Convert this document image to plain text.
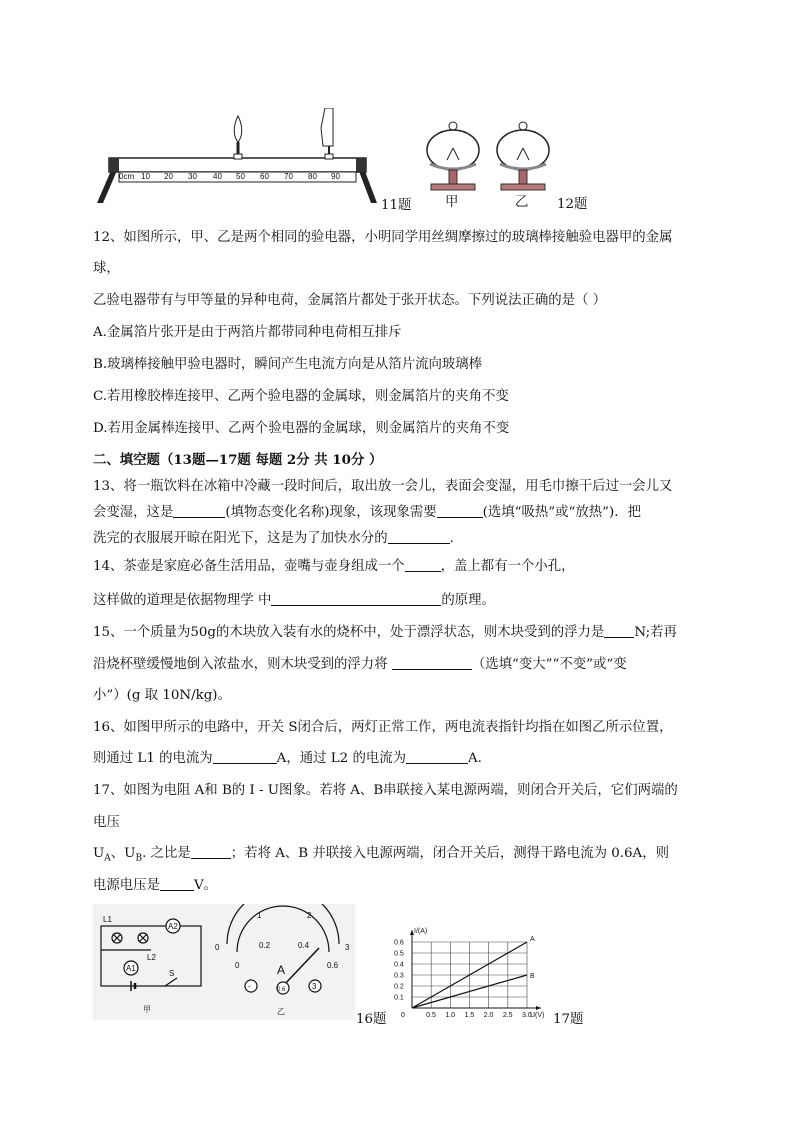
0cm 10 20 30 40 50 60 70 80 90
11题	甲	乙 12题
12、如图所示，甲、乙是两个相同的验电器，小明同学用丝绸摩擦过的玻璃棒接触验电器甲的金属
球，
乙验电器带有与甲等量的异种电荷，金属箔片都处于张开状态。下列说法正确的是（ ）
A.金属箔片张开是由于两箔片都带同种电荷相互排斥
B.玻璃棒接触甲验电器时，瞬间产生电流方向是从箔片流向玻璃棒
C.若用橡胶棒连接甲、乙两个验电器的金属球，则金属箔片的夹角不变
D.若用金属棒连接甲、乙两个验电器的金属球，则金属箔片的夹角不变
二、填空题（13题—17题 每题 2分 共 10分 ）
13、将一瓶饮料在冰箱中冷藏一段时间后，取出放一会儿，表面会变湿，用毛巾擦干后过一会儿又
会变湿，这是	(填物态变化名称)现象，该现象需要	(选填“吸热”或“放热”)．把
洗完的衣服展开晾在阳光下，这是为了加快水分的	.
14、茶壶是家庭必备生活用品，壶嘴与壶身组成一个	，盖上都有一个小孔，
这样做的道理是依据物理学 中	的原理。
15、一个质量为50g的木块放入装有水的烧杯中，处于漂浮状态，则木块受到的浮力是 N;若再
沿烧杯壁缓慢地倒入浓盐水，则木块受到的浮力将	（选填“变大”“不变”或“变
小”）(g 取 10N/kg)。
16、如图甲所示的电路中，开关 S闭合后，两灯正常工作，两电流表指针均指在如图乙所示位置，
则通过 L1 的电流为	A，通过 L2 的电流为	A.
17、如图为电阻 A和 B的 I - U图象。若将 A、B串联接入某电源两端，则闭合开关后，它们两端的
电压
$U_A$、$U_B$. 之比是	；若将 A、B 并联接入电源两端，闭合开关后，测得干路电流为 0.6A，则
电源电压是	V。
L1
L2
A2
A1
S
甲
0
1	2
3
0
0.2	0.4
0.6
A
-	0.6	3
乙
16题
A
B
0.1
0.2
0.3
0.4
0.5
0.6
0.5 1.0 1.5 2.0 2.5 3.0
0
I/(A)
U(V) 17题
